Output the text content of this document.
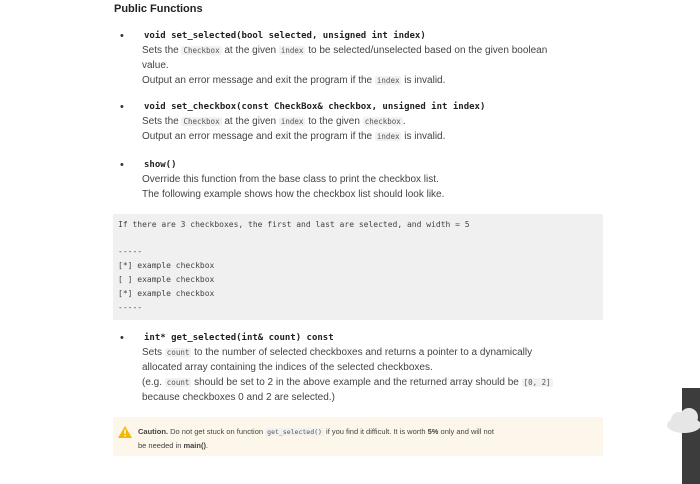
Public Functions
• void set_selected(bool selected, unsigned int index)
Sets the Checkbox at the given index to be selected/unselected based on the given boolean
value.
Output an error message and exit the program if the index is invalid.
• void set_checkbox(const CheckBox& checkbox, unsigned int index)
Sets the Checkbox at the given index to the given checkbox .
Output an error message and exit the program if the index is invalid.
• show()
Override this function from the base class to print the checkbox list.
The following example shows how the checkbox list should look like.
If there are 3 checkboxes, the first and last are selected, and width = 5
-----
[*] example checkbox
[ ] example checkbox
[*] example checkbox
-----
• int* get_selected(int& count) const
Sets count to the number of selected checkboxes and returns a pointer to a dynamically
allocated array containing the indices of the selected checkboxes.
(e.g. count should be set to 2 in the above example and the returned array should be [0, 2]
because checkboxes 0 and 2 are selected.)
Caution. Do not get stuck on function get_selected() if you find it difficult. It is worth 5% only and will not
be needed in main().
